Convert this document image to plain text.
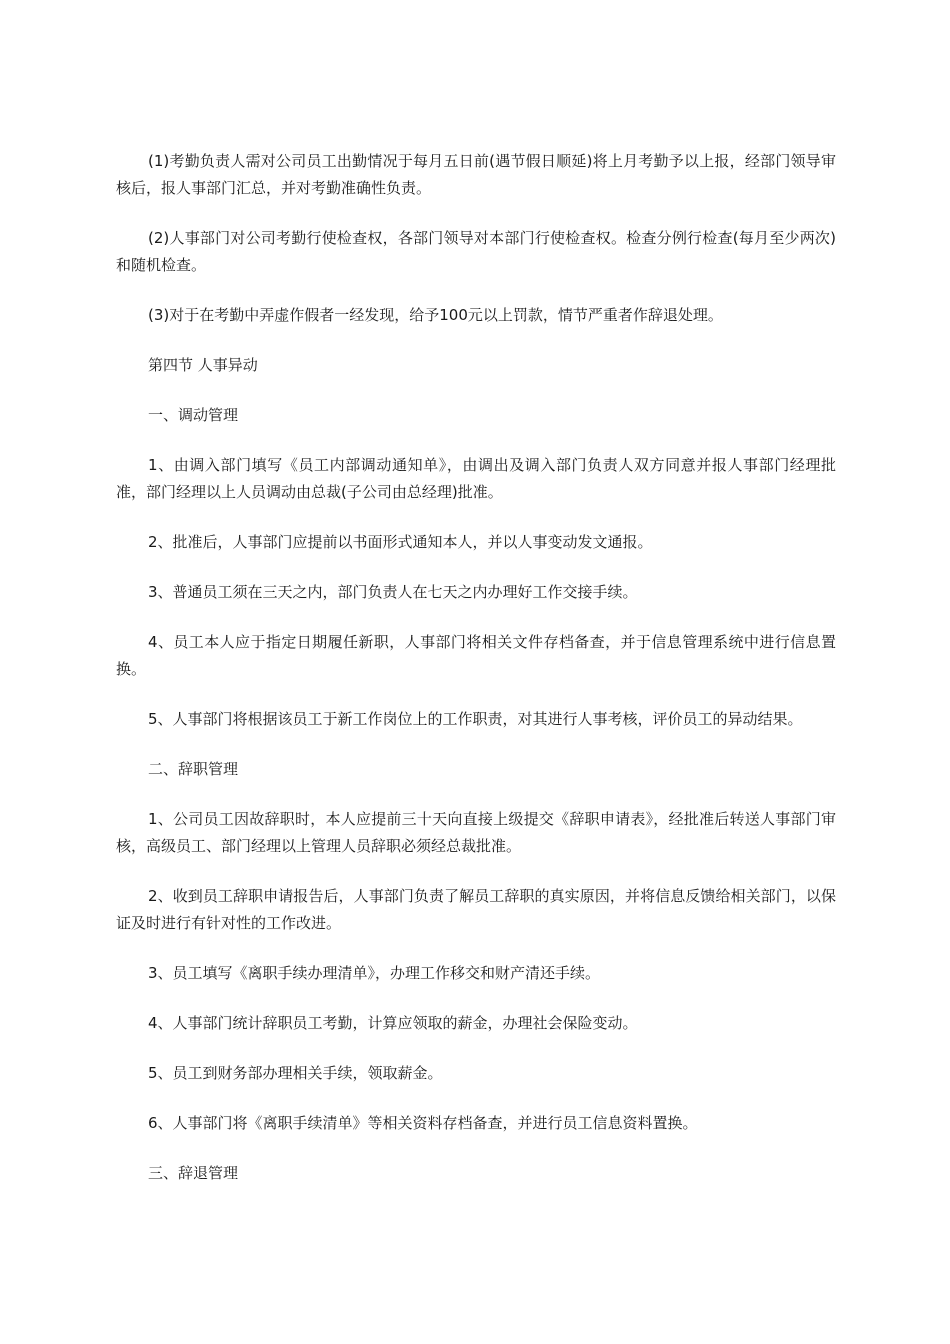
(1)考勤负责人需对公司员工出勤情况于每月五日前(遇节假日顺延)将上月考勤予以上报，经部门领导审核后，报人事部门汇总，并对考勤准确性负责。

(2)人事部门对公司考勤行使检查权，各部门领导对本部门行使检查权。检查分例行检查(每月至少两次)和随机检查。

(3)对于在考勤中弄虚作假者一经发现，给予100元以上罚款，情节严重者作辞退处理。

第四节 人事异动

一、调动管理

1、由调入部门填写《员工内部调动通知单》，由调出及调入部门负责人双方同意并报人事部门经理批准，部门经理以上人员调动由总裁(子公司由总经理)批准。

2、批准后，人事部门应提前以书面形式通知本人，并以人事变动发文通报。

3、普通员工须在三天之内，部门负责人在七天之内办理好工作交接手续。

4、员工本人应于指定日期履任新职，人事部门将相关文件存档备查，并于信息管理系统中进行信息置换。

5、人事部门将根据该员工于新工作岗位上的工作职责，对其进行人事考核，评价员工的异动结果。

二、辞职管理

1、公司员工因故辞职时，本人应提前三十天向直接上级提交《辞职申请表》，经批准后转送人事部门审核，高级员工、部门经理以上管理人员辞职必须经总裁批准。

2、收到员工辞职申请报告后，人事部门负责了解员工辞职的真实原因，并将信息反馈给相关部门，以保证及时进行有针对性的工作改进。

3、员工填写《离职手续办理清单》，办理工作移交和财产清还手续。

4、人事部门统计辞职员工考勤，计算应领取的薪金，办理社会保险变动。

5、员工到财务部办理相关手续，领取薪金。

6、人事部门将《离职手续清单》等相关资料存档备查，并进行员工信息资料置换。

三、辞退管理
